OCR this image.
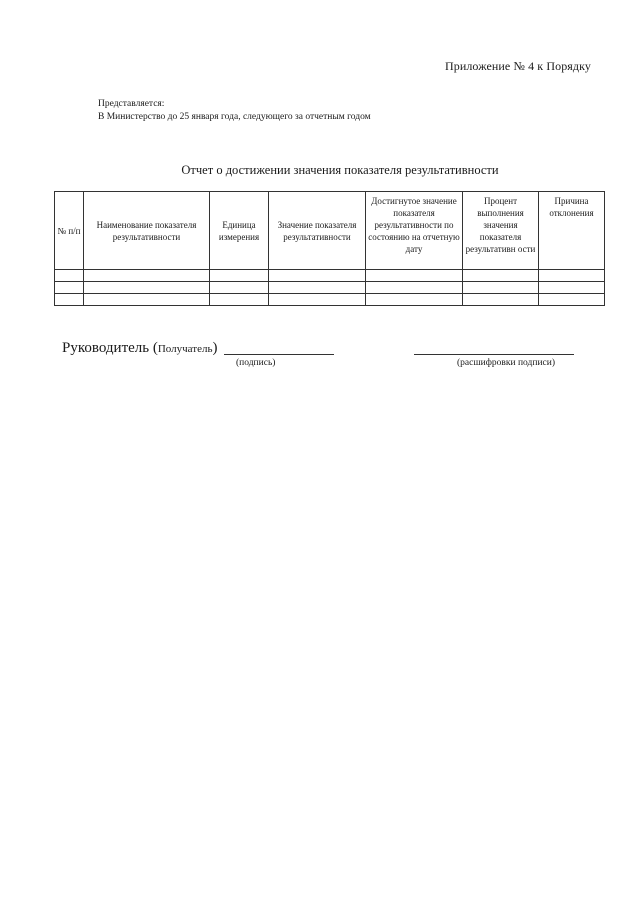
Приложение № 4 к Порядку
Представляется:
В Министерство до 25 января года, следующего за отчетным годом
Отчет о достижении значения показателя результативности
№ п/п	Наименование показателя результативности	Единица измерения	Значение показателя результативности	Достигнутое значение показателя результативности по состоянию на отчетную дату	Процент выполнения значения показателя результативн ости	Причина отклонения

Руководитель (Получатель)
(подпись)	(расшифровки подписи)
